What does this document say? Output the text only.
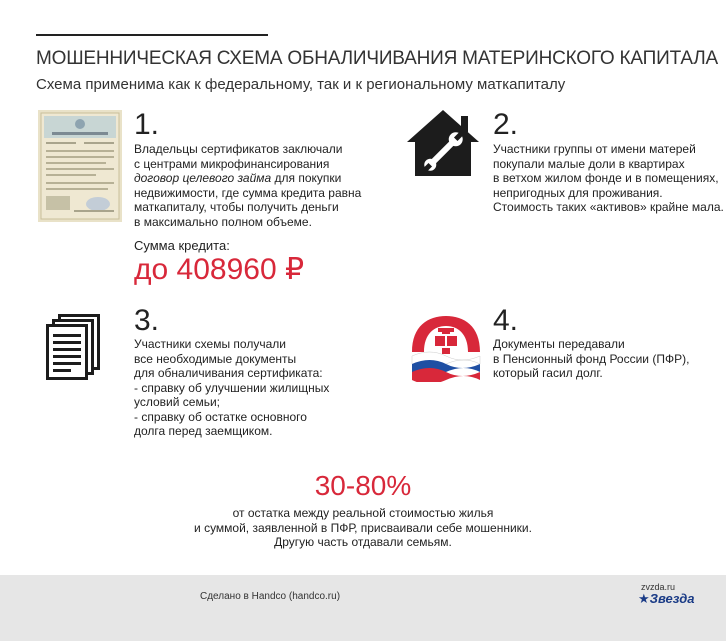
МОШЕННИЧЕСКАЯ СХЕМА ОБНАЛИЧИВАНИЯ МАТЕРИНСКОГО КАПИТАЛА
Схема применима как к федеральному, так и к региональному маткапиталу
1.
Владельцы сертификатов заключали
с центрами микрофинансирования
договор целевого займа для покупки
недвижимости, где сумма кредита равна
маткапиталу, чтобы получить деньги
в максимально полном объеме.
Сумма кредита:
до 408960 ₽
2.
Участники группы от имени матерей
покупали малые доли в квартирах
в ветхом жилом фонде и в помещениях,
непригодных для проживания.
Стоимость таких «активов» крайне мала.
3.
Участники схемы получали
все необходимые документы
для обналичивания сертификата:
- справку об улучшении жилищных
условий семьи;
- справку об остатке основного
долга перед заемщиком.
4.
Документы передавали
в Пенсионный фонд России (ПФР),
который гасил долг.
30-80%
от остатка между реальной стоимостью жилья
и суммой, заявленной в ПФР, присваивали себе мошенники.
Другую часть отдавали семьям.
Сделано в Handco (handco.ru)
zvzda.ru
★Звезда
